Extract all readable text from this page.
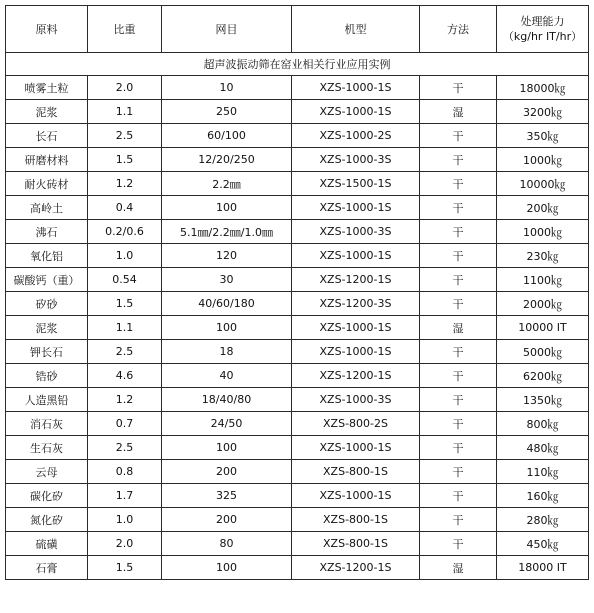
原料	比重	网目	机型	方法	处理能力
（kg/hr IT/hr）

超声波振动筛在窑业相关行业应用实例					
喷雾土粒	2.0	10	XZS-1000-1S	干	18000㎏
泥浆	1.1	250	XZS-1000-1S	湿	3200㎏
长石	2.5	60/100	XZS-1000-2S	干	350㎏
研磨材料	1.5	12/20/250	XZS-1000-3S	干	1000㎏
耐火砖材	1.2	2.2㎜	XZS-1500-1S	干	10000㎏
高岭土	0.4	100	XZS-1000-1S	干	200㎏
沸石	0.2/0.6	5.1㎜/2.2㎜/1.0㎜	XZS-1000-3S	干	1000㎏
氧化铝	1.0	120	XZS-1000-1S	干	230㎏
碳酸钙（重）	0.54	30	XZS-1200-1S	干	1100㎏
矽砂	1.5	40/60/180	XZS-1200-3S	干	2000㎏
泥浆	1.1	100	XZS-1000-1S	湿	10000 IT
钾长石	2.5	18	XZS-1000-1S	干	5000㎏
锆砂	4.6	40	XZS-1200-1S	干	6200㎏
人造黑铅	1.2	18/40/80	XZS-1000-3S	干	1350㎏
消石灰	0.7	24/50	XZS-800-2S	干	800㎏
生石灰	2.5	100	XZS-1000-1S	干	480㎏
云母	0.8	200	XZS-800-1S	干	110㎏
碳化矽	1.7	325	XZS-1000-1S	干	160㎏
氮化矽	1.0	200	XZS-800-1S	干	280㎏
硫磺	2.0	80	XZS-800-1S	干	450㎏
石膏	1.5	100	XZS-1200-1S	湿	18000 IT
